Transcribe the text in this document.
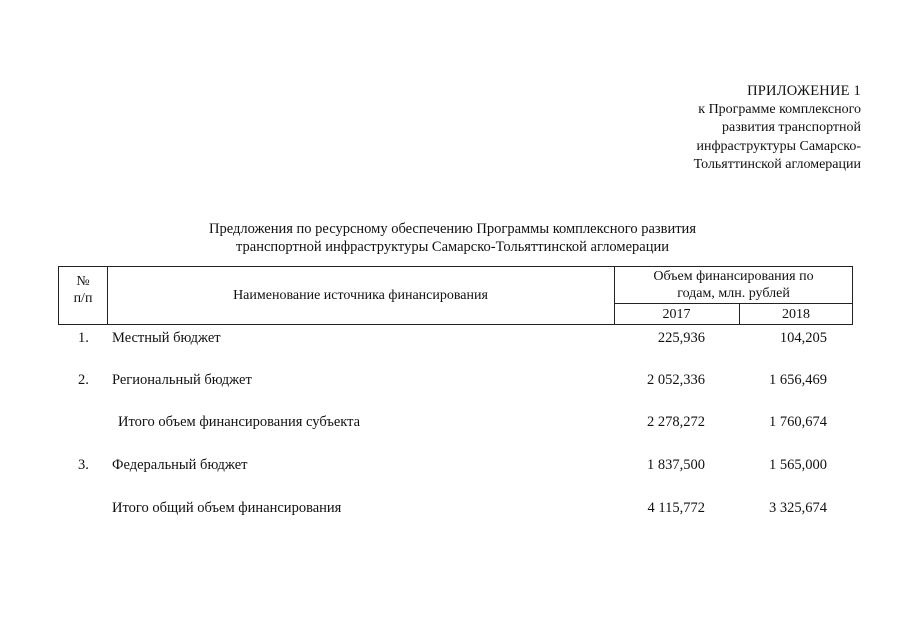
ПРИЛОЖЕНИЕ 1
к Программе комплексного
развития транспортной
инфраструктуры Самарско-
Тольяттинской агломерации
Предложения по ресурсному обеспечению Программы комплексного развития
транспортной инфраструктуры Самарско-Тольяттинской агломерации
№
п/п	Наименование источника финансирования
Объем финансирования по
годам, млн. рублей
2017	2018
1. Местный бюджет	225,936	104,205
2. Региональный бюджет	2 052,336	1 656,469
Итого объем финансирования субъекта	2 278,272	1 760,674
3. Федеральный бюджет	1 837,500	1 565,000
Итого общий объем финансирования	4 115,772	3 325,674
